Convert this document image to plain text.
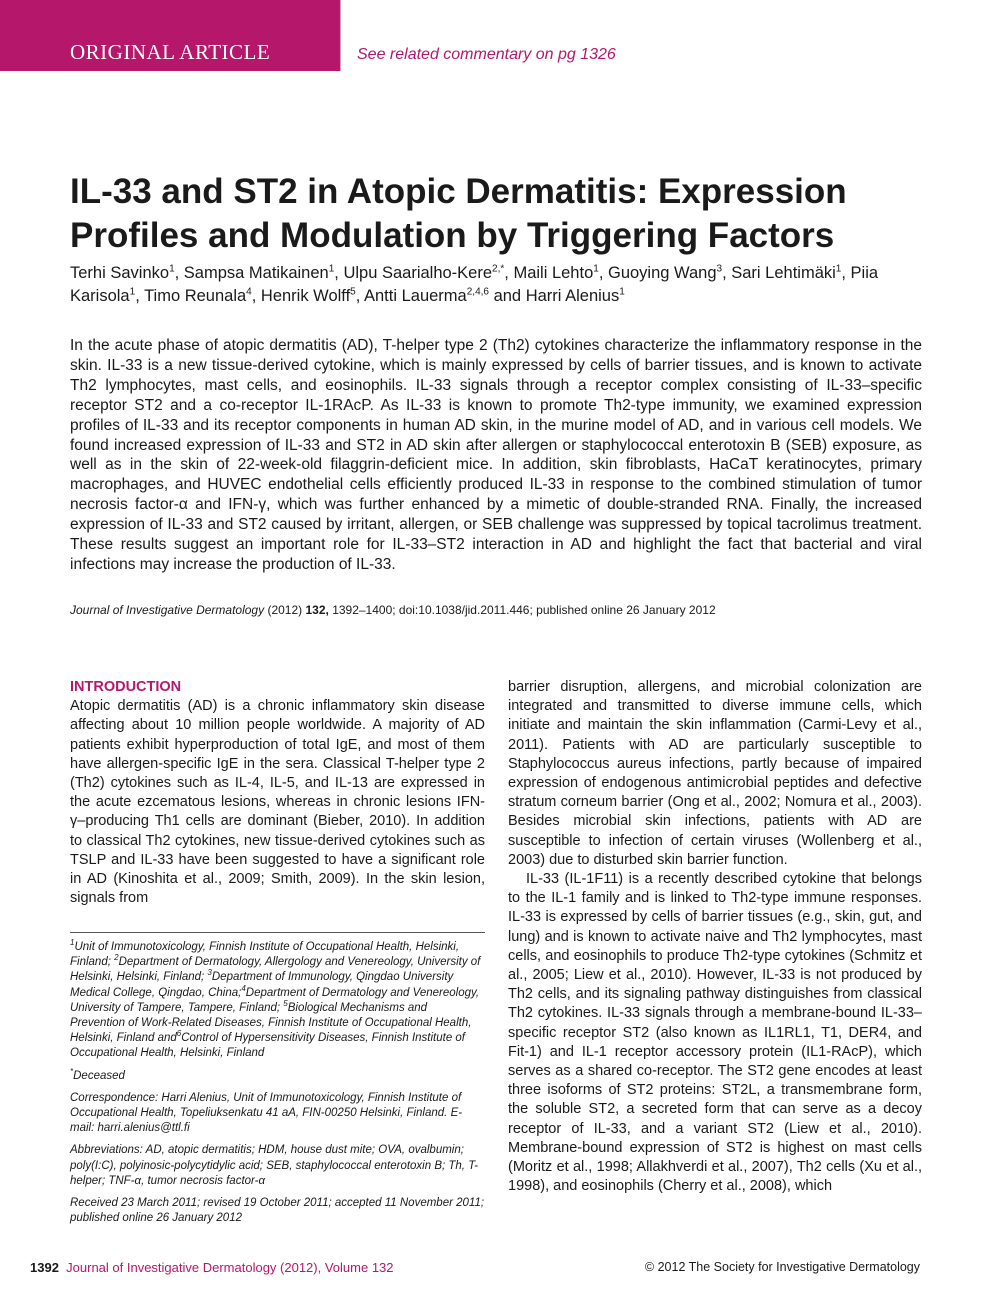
ORIGINAL ARTICLE	See related commentary on pg 1326
IL-33 and ST2 in Atopic Dermatitis: Expression Profiles and Modulation by Triggering Factors
Terhi Savinko$^1$, Sampsa Matikainen$^1$, Ulpu Saarialho-Kere$^{2,*}$, Maili Lehto$^1$, Guoying Wang$^3$, Sari Lehtimäki$^1$, Piia Karisola$^1$, Timo Reunala$^4$, Henrik Wolff$^5$, Antti Lauerma$^{2,4,6}$ and Harri Alenius$^1$

In the acute phase of atopic dermatitis (AD), T-helper type 2 (Th2) cytokines characterize the inflammatory response in the skin. IL-33 is a new tissue-derived cytokine, which is mainly expressed by cells of barrier tissues, and is known to activate Th2 lymphocytes, mast cells, and eosinophils. IL-33 signals through a receptor complex consisting of IL-33–specific receptor ST2 and a co-receptor IL-1RAcP. As IL-33 is known to promote Th2-type immunity, we examined expression profiles of IL-33 and its receptor components in human AD skin, in the murine model of AD, and in various cell models. We found increased expression of IL-33 and ST2 in AD skin after allergen or staphylococcal enterotoxin B (SEB) exposure, as well as in the skin of 22-week-old filaggrin-deficient mice. In addition, skin fibroblasts, HaCaT keratinocytes, primary macrophages, and HUVEC endothelial cells efficiently produced IL-33 in response to the combined stimulation of tumor necrosis factor-α and IFN-γ, which was further enhanced by a mimetic of double-stranded RNA. Finally, the increased expression of IL-33 and ST2 caused by irritant, allergen, or SEB challenge was suppressed by topical tacrolimus treatment. These results suggest an important role for IL-33–ST2 interaction in AD and highlight the fact that bacterial and viral infections may increase the production of IL-33.

Journal of Investigative Dermatology (2012) 132, 1392–1400; doi:10.1038/jid.2011.446; published online 26 January 2012
INTRODUCTION

Atopic dermatitis (AD) is a chronic inflammatory skin disease affecting about 10 million people worldwide. A majority of AD patients exhibit hyperproduction of total IgE, and most of them have allergen-specific IgE in the sera. Classical T-helper type 2 (Th2) cytokines such as IL-4, IL-5, and IL-13 are expressed in the acute ezcematous lesions, whereas in chronic lesions IFN-γ–producing Th1 cells are dominant (Bieber, 2010). In addition to classical Th2 cytokines, new tissue-derived cytokines such as TSLP and IL-33 have been suggested to have a significant role in AD (Kinoshita et al., 2009; Smith, 2009). In the skin lesion, signals from

barrier disruption, allergens, and microbial colonization are integrated and transmitted to diverse immune cells, which initiate and maintain the skin inflammation (Carmi-Levy et al., 2011). Patients with AD are particularly susceptible to Staphylococcus aureus infections, partly because of impaired expression of endogenous antimicrobial peptides and defective stratum corneum barrier (Ong et al., 2002; Nomura et al., 2003). Besides microbial skin infections, patients with AD are susceptible to infection of certain viruses (Wollenberg et al., 2003) due to disturbed skin barrier function.

IL-33 (IL-1F11) is a recently described cytokine that belongs to the IL-1 family and is linked to Th2-type immune responses. IL-33 is expressed by cells of barrier tissues (e.g., skin, gut, and lung) and is known to activate naive and Th2 lymphocytes, mast cells, and eosinophils to produce Th2-type cytokines (Schmitz et al., 2005; Liew et al., 2010). However, IL-33 is not produced by Th2 cells, and its signaling pathway distinguishes from classical Th2 cytokines. IL-33 signals through a membrane-bound IL-33–specific receptor ST2 (also known as IL1RL1, T1, DER4, and Fit-1) and IL-1 receptor accessory protein (IL1-RAcP), which serves as a shared co-receptor. The ST2 gene encodes at least three isoforms of ST2 proteins: ST2L, a transmembrane form, the soluble ST2, a secreted form that can serve as a decoy receptor of IL-33, and a variant ST2 (Liew et al., 2010). Membrane-bound expression of ST2 is highest on mast cells (Moritz et al., 1998; Allakhverdi et al., 2007), Th2 cells (Xu et al., 1998), and eosinophils (Cherry et al., 2008), which

$^1$Unit of Immunotoxicology, Finnish Institute of Occupational Health, Helsinki, Finland; $^2$Department of Dermatology, Allergology and Venereology, University of Helsinki, Helsinki, Finland; $^3$Department of Immunology, Qingdao University Medical College, Qingdao, China;$^4$Department of Dermatology and Venereology, University of Tampere, Tampere, Finland; $^5$Biological Mechanisms and Prevention of Work-Related Diseases, Finnish Institute of Occupational Health, Helsinki, Finland and$^6$Control of Hypersensitivity Diseases, Finnish Institute of Occupational Health, Helsinki, Finland

*Deceased

Correspondence: Harri Alenius, Unit of Immunotoxicology, Finnish Institute of Occupational Health, Topeliuksenkatu 41 aA, FIN-00250 Helsinki, Finland. E-mail: harri.alenius@ttl.fi

Abbreviations: AD, atopic dermatitis; HDM, house dust mite; OVA, ovalbumin; poly(I:C), polyinosic-polycytidylic acid; SEB, staphylococcal enterotoxin B; Th, T-helper; TNF-α, tumor necrosis factor-α

Received 23 March 2011; revised 19 October 2011; accepted 11 November 2011; published online 26 January 2012

1392 Journal of Investigative Dermatology (2012), Volume 132	© 2012 The Society for Investigative Dermatology
